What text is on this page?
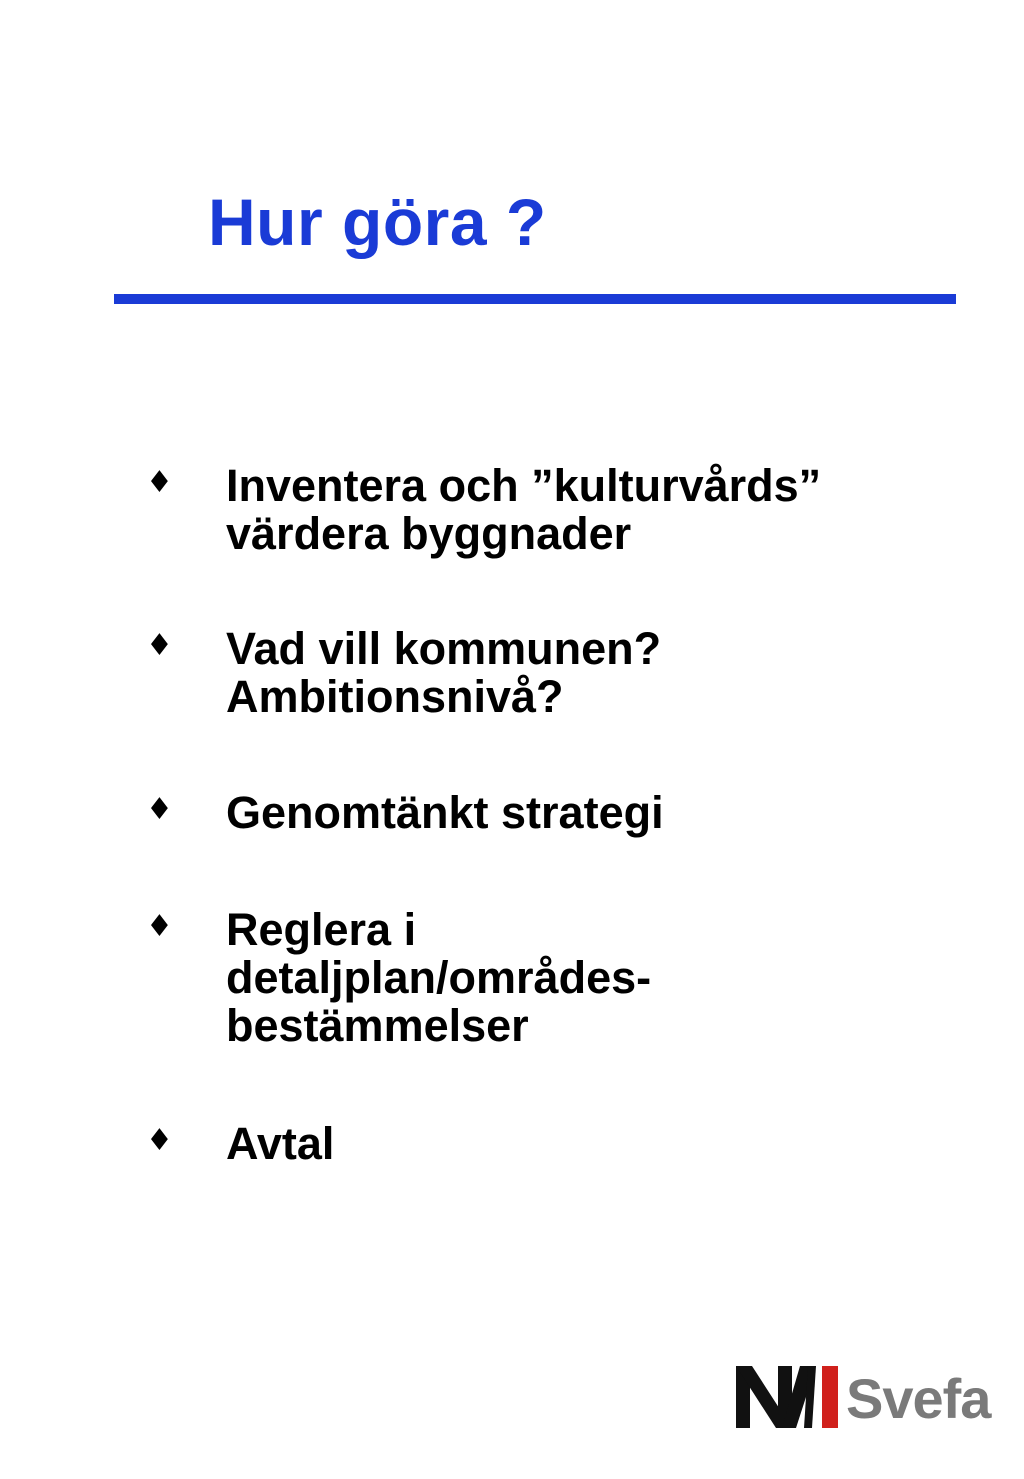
Hur göra ?
♦ Inventera och ”kulturvårds”
värdera byggnader

♦ Vad vill kommunen?
Ambitionsnivå?

♦ Genomtänkt strategi

♦ Reglera i
detaljplan/områdes-
bestämmelser

♦ Avtal

Svefa
